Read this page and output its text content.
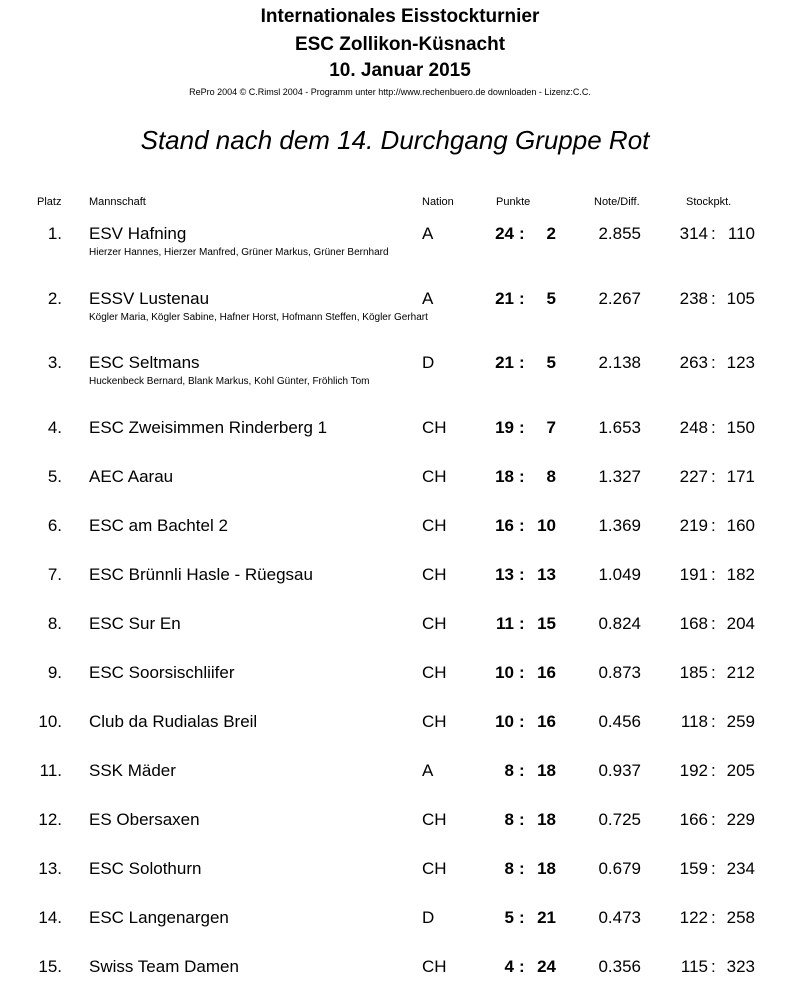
Internationales Eisstockturnier
ESC Zollikon-Küsnacht
10. Januar 2015
RePro 2004 © C.Rimsl 2004 - Programm unter http://www.rechenbuero.de downloaden - Lizenz:C.C.
Stand nach dem 14. Durchgang Gruppe Rot
Platz	Mannschaft	Nation	Punkte	Note/Diff.	Stockpkt.
1. ESV Hafning	A	24	2	2.855	314	110
:	:
Hierzer Hannes, Hierzer Manfred, Grüner Markus, Grüner Bernhard
2. ESSV Lustenau	A	21	5	2.267	238	105
:	:
Kögler Maria, Kögler Sabine, Hafner Horst, Hofmann Steffen, Kögler Gerhart
3. ESC Seltmans	D	21	5	2.138	263	123
:	:
Huckenbeck Bernard, Blank Markus, Kohl Günter, Fröhlich Tom
4. ESC Zweisimmen Rinderberg 1	CH	19	7	1.653	248	150
:	:
5. AEC Aarau	CH	18	8	1.327	227	171
:	:
6. ESC am Bachtel 2	CH	16	10	1.369	219	160
:	:
7. ESC Brünnli Hasle - Rüegsau	CH	13	13	1.049	191	182
:	:
8. ESC Sur En	CH	11	15	0.824	168	204
:	:
9. ESC Soorsischliifer	CH	10	16	0.873	185	212
:	:
10. Club da Rudialas Breil	CH	10	16	0.456	118	259
:	:
11. SSK Mäder	A	8	18	0.937	192	205
:	:
12. ES Obersaxen	CH	8	18	0.725	166	229
:	:
13. ESC Solothurn	CH	8	18	0.679	159	234
:	:
14. ESC Langenargen	D	5	21	0.473	122	258
:	:
15. Swiss Team Damen	CH	4	24	0.356	115	323
:	:
